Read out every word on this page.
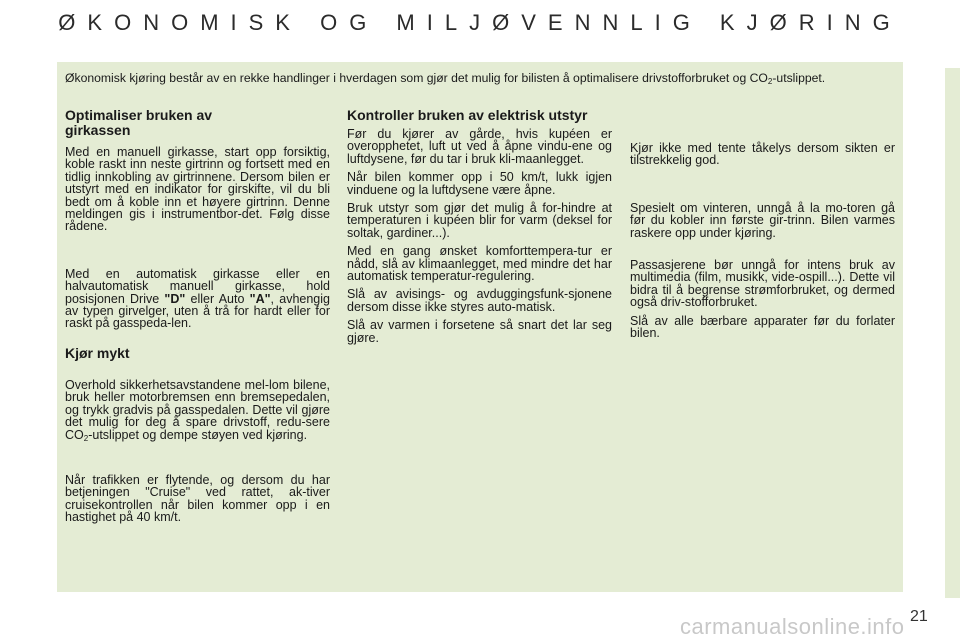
ØKONOMISK OG MILJØVENNLIG KJØRING
Økonomisk kjøring består av en rekke handlinger i hverdagen som gjør det mulig for bilisten å optimalisere drivstofforbruket og $CO_2$-utslippet.
Optimaliser bruken av girkassen

Med en manuell girkasse, start opp forsiktig, koble raskt inn neste girtrinn og fortsett med en tidlig innkobling av girtrinnene. Dersom bilen er utstyrt med en indikator for girskifte, vil du bli bedt om å koble inn et høyere girtrinn. Denne meldingen gis i instrumentbor-det. Følg disse rådene.

Med en automatisk girkasse eller en halvautomatisk manuell girkasse, hold posisjonen Drive "D" eller Auto "A", avhengig av typen girvelger, uten å trå for hardt eller for raskt på gasspeda-len.

Kjør mykt

Overhold sikkerhetsavstandene mel-lom bilene, bruk heller motorbremsen enn bremsepedalen, og trykk gradvis på gasspedalen. Dette vil gjøre det mulig for deg å spare drivstoff, redu-sere $CO_2$-utslippet og dempe støyen ved kjøring.

Når trafikken er flytende, og dersom du har betjeningen "Cruise" ved rattet, ak-tiver cruisekontrollen når bilen kommer opp i en hastighet på 40 km/t.

Kontroller bruken av elektrisk utstyr

Før du kjører av gårde, hvis kupéen er overopphetet, luft ut ved å åpne vindu-ene og luftdysene, før du tar i bruk kli-maanlegget.

Når bilen kommer opp i 50 km/t, lukk igjen vinduene og la luftdysene være åpne.

Bruk utstyr som gjør det mulig å for-hindre at temperaturen i kupéen blir for varm (deksel for soltak, gardiner...).

Med en gang ønsket komforttempera-tur er nådd, slå av klimaanlegget, med mindre det har automatisk temperatur-regulering.

Slå av avisings- og avduggingsfunk-sjonene dersom disse ikke styres auto-matisk.

Slå av varmen i forsetene så snart det lar seg gjøre.

Kjør ikke med tente tåkelys dersom sikten er tilstrekkelig god.

Spesielt om vinteren, unngå å la mo-toren gå før du kobler inn første gir-trinn. Bilen varmes raskere opp under kjøring.

Passasjerene bør unngå for intens bruk av multimedia (film, musikk, vide-ospill...). Dette vil bidra til å begrense strømforbruket, og dermed også driv-stofforbruket.

Slå av alle bærbare apparater før du forlater bilen.

carmanualsonline.info 21
